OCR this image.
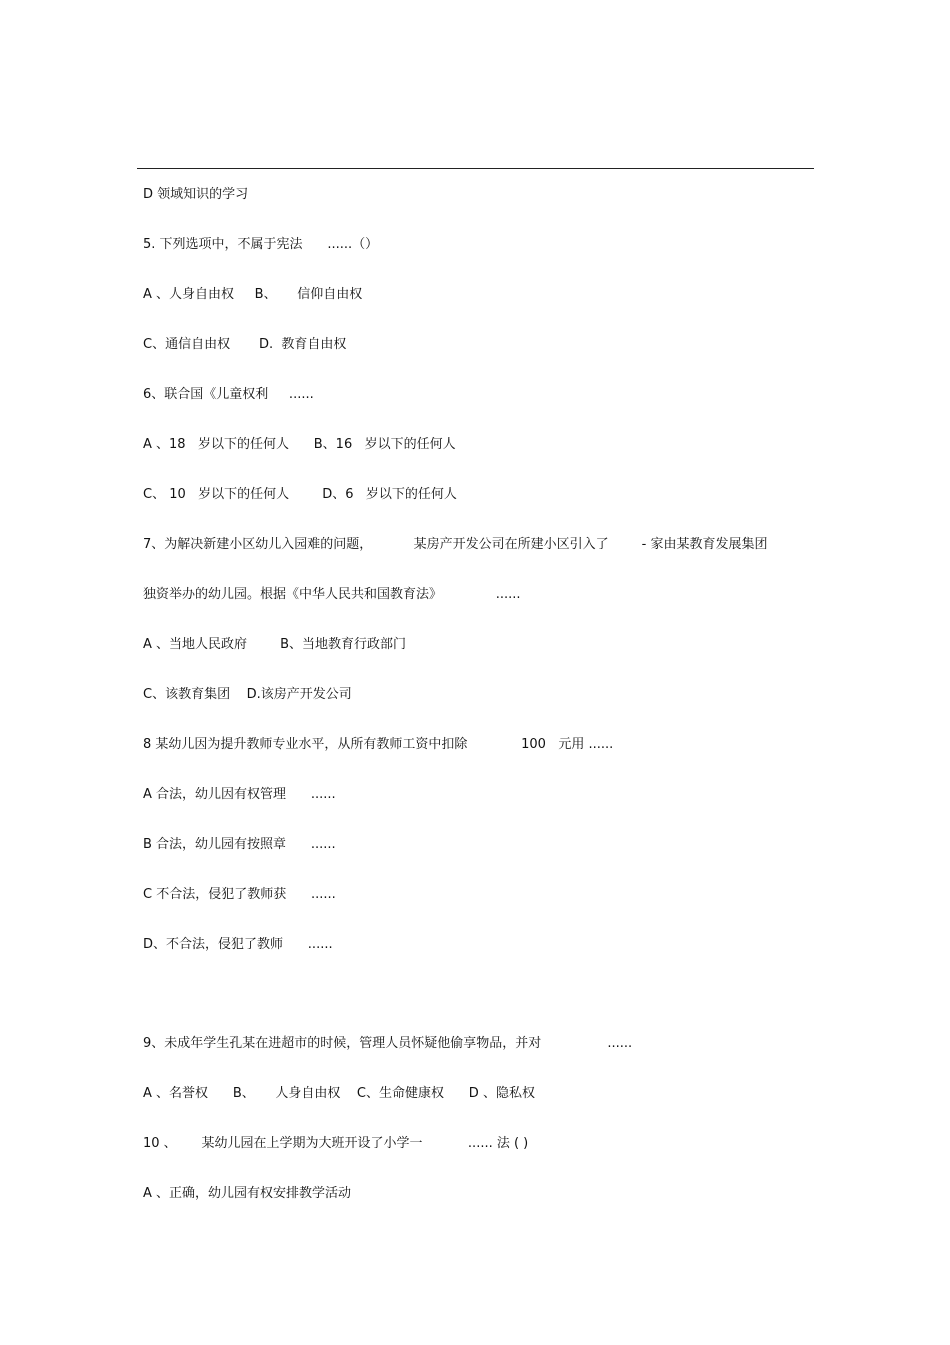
D 领域知识的学习
5. 下列选项中，不属于宪法      ......（）
A 、人身自由权     B、     信仰自由权
C、通信自由权       D.  教育自由权
6、联合国《儿童权利     ......
A 、18   岁以下的任何人      B、16   岁以下的任何人
C、 10   岁以下的任何人        D、6   岁以下的任何人
7、为解决新建小区幼儿入园难的问题，          某房产开发公司在所建小区引入了        - 家由某教育发展集团
独资举办的幼儿园。根据《中华人民共和国教育法》             ......
A 、当地人民政府        B、当地教育行政部门
C、该教育集团    D.该房产开发公司
8 某幼儿因为提升教师专业水平，从所有教师工资中扣除             100   元用 ......
A 合法，幼儿因有权管理      ......
B 合法，幼儿园有按照章      ......
C 不合法，侵犯了教师获      ......
D、不合法，侵犯了教师      ......
9、未成年学生孔某在进超市的时候，管理人员怀疑他偷享物品，并对                ......
A 、名誉权      B、     人身自由权    C、生命健康权      D 、隐私权
10 、      某幼儿园在上学期为大班开设了小学一           ...... 法 ( )
A 、正确，幼儿园有权安排教学活动
